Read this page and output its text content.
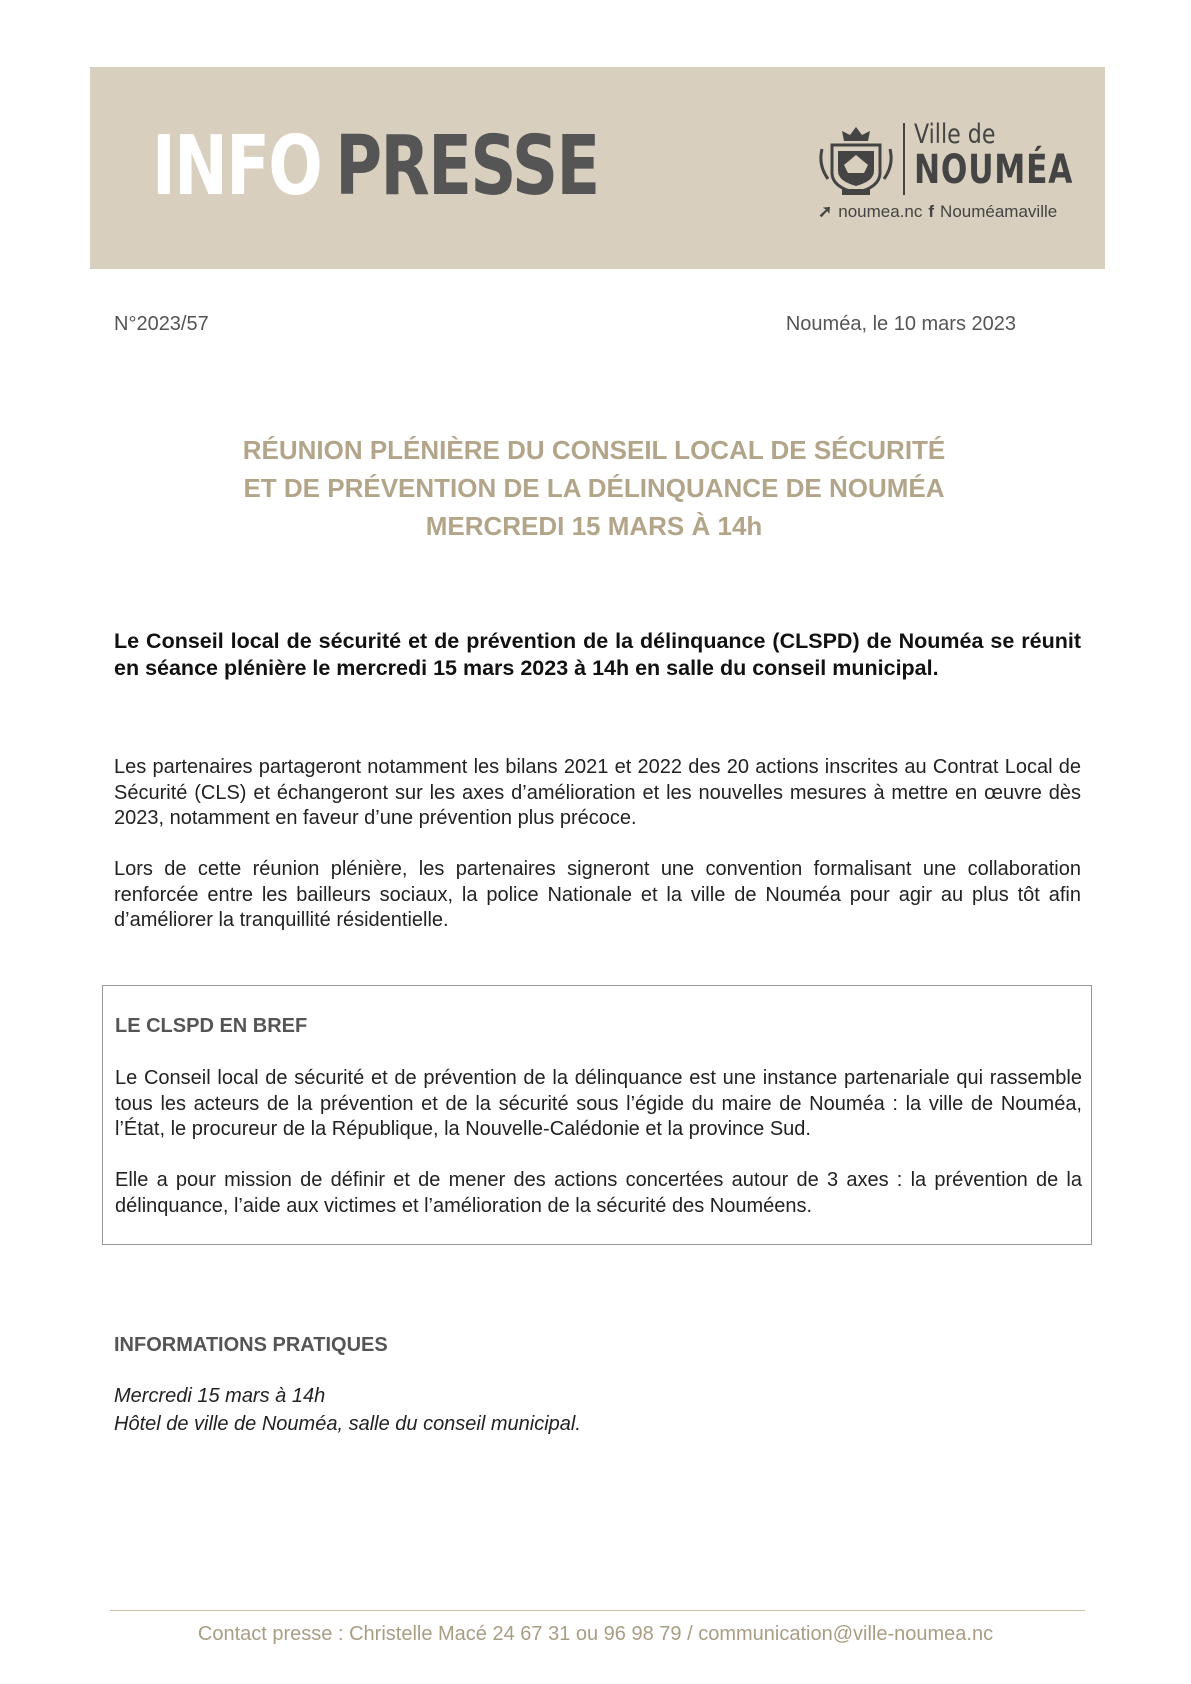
INFO PRESSE	Ville de
NOUMÉA
➚ noumea.nc f Nouméamaville
N°2023/57	Nouméa, le 10 mars 2023
RÉUNION PLÉNIÈRE DU CONSEIL LOCAL DE SÉCURITÉ
ET DE PRÉVENTION DE LA DÉLINQUANCE DE NOUMÉA
MERCREDI 15 MARS À 14h
Le Conseil local de sécurité et de prévention de la délinquance (CLSPD) de Nouméa se réunit en séance plénière le mercredi 15 mars 2023 à 14h en salle du conseil municipal.
Les partenaires partageront notamment les bilans 2021 et 2022 des 20 actions inscrites au Contrat Local de Sécurité (CLS) et échangeront sur les axes d’amélioration et les nouvelles mesures à mettre en œuvre dès 2023, notamment en faveur d’une prévention plus précoce.
Lors de cette réunion plénière, les partenaires signeront une convention formalisant une collaboration renforcée entre les bailleurs sociaux, la police Nationale et la ville de Nouméa pour agir au plus tôt afin d’améliorer la tranquillité résidentielle.
LE CLSPD EN BREF
Le Conseil local de sécurité et de prévention de la délinquance est une instance partenariale qui rassemble tous les acteurs de la prévention et de la sécurité sous l’égide du maire de Nouméa : la ville de Nouméa, l’État, le procureur de la République, la Nouvelle-Calédonie et la province Sud.
Elle a pour mission de définir et de mener des actions concertées autour de 3 axes : la prévention de la délinquance, l’aide aux victimes et l’amélioration de la sécurité des Nouméens.
INFORMATIONS PRATIQUES
Mercredi 15 mars à 14h
Hôtel de ville de Nouméa, salle du conseil municipal.
Contact presse : Christelle Macé 24 67 31 ou 96 98 79 / communication@ville-noumea.nc
